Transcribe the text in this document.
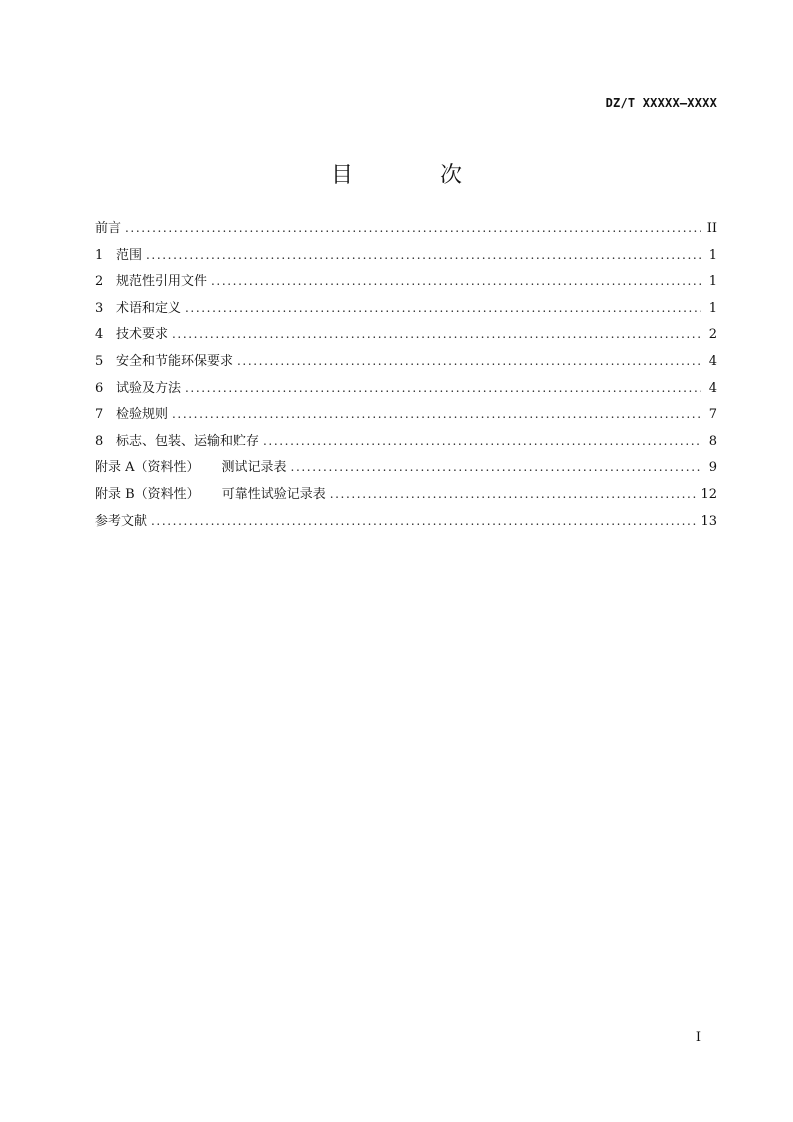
DZ/T XXXXX—XXXX
目 次
前言 .....	II
1 范围 .....	1
2 规范性引用文件 .....	1
3 术语和定义 .....	1
4 技术要求 .....	2
5 安全和节能环保要求 .....	4
6 试验及方法 .....	4
7 检验规则 .....	7
8 标志、包装、运输和贮存 .....	8
附录 A（资料性） 测试记录表 .....	9
附录 B（资料性） 可靠性试验记录表 .....	12
参考文献 .....	13
I
